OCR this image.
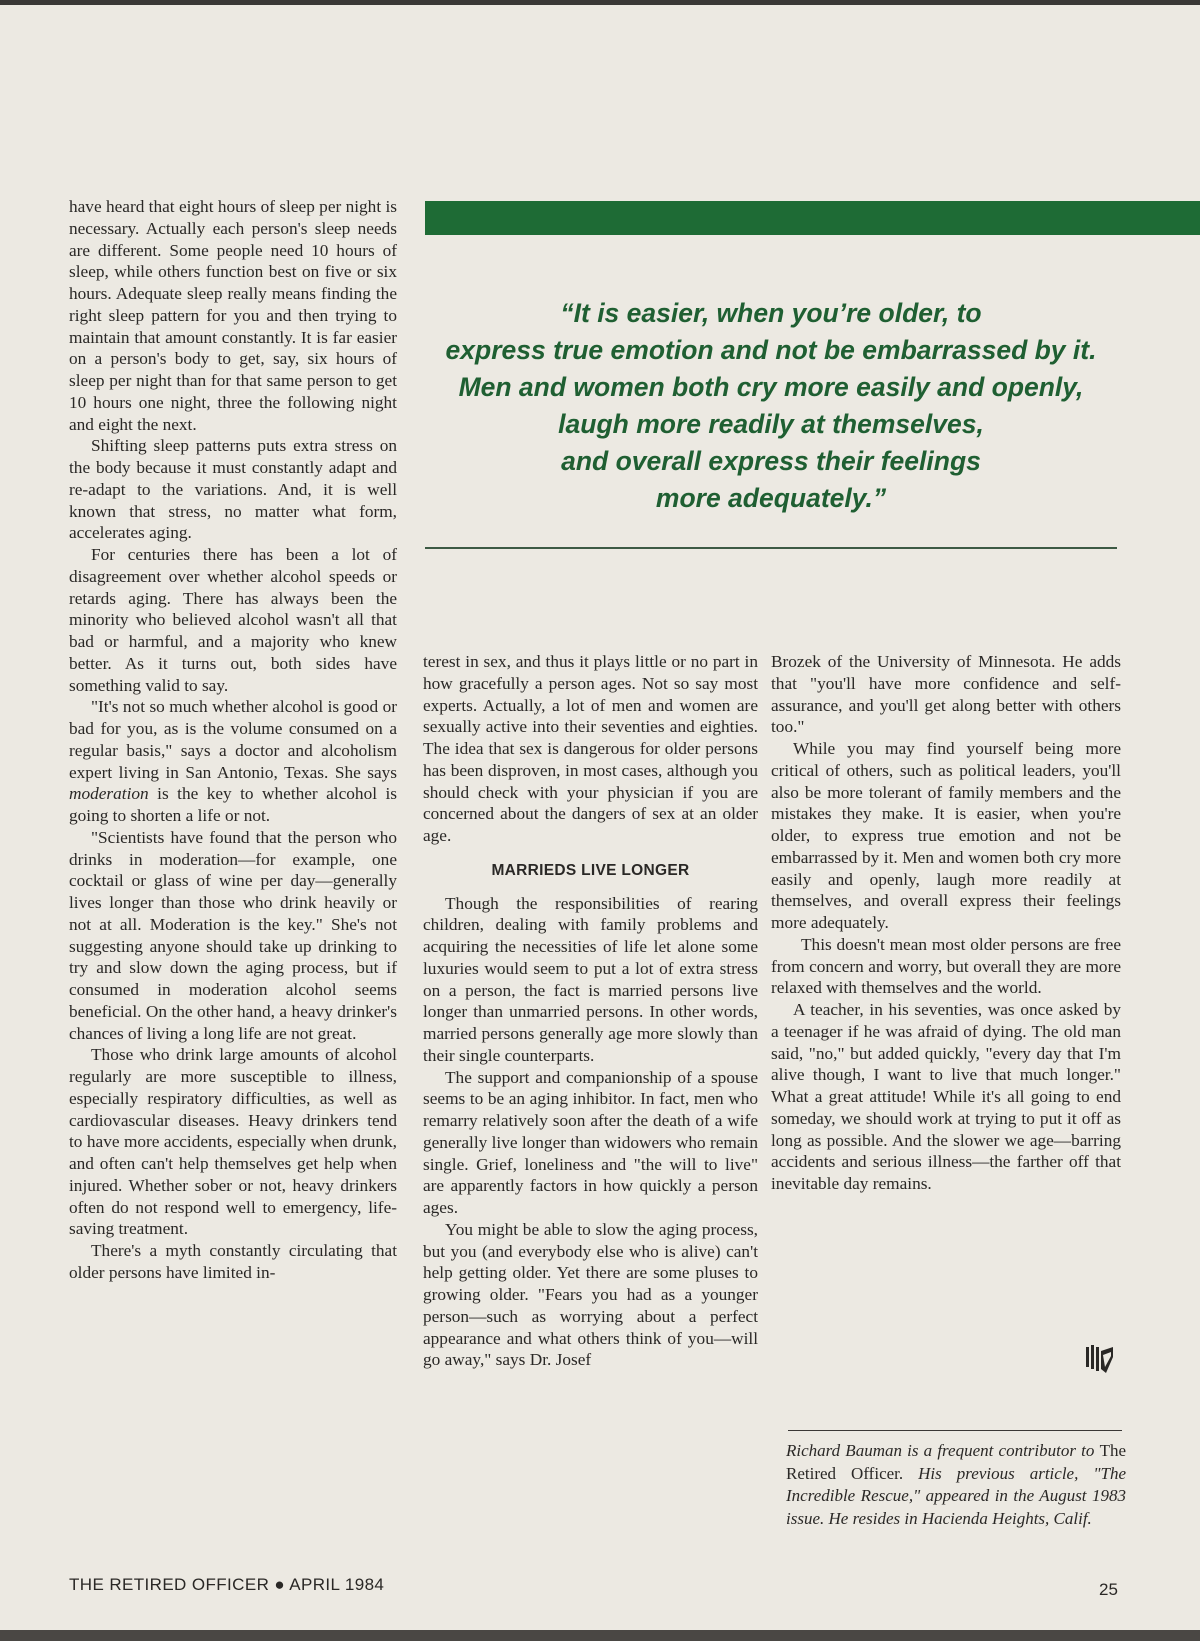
have heard that eight hours of sleep per night is necessary. Actually each person's sleep needs are different. Some people need 10 hours of sleep, while others function best on five or six hours. Adequate sleep really means finding the right sleep pattern for you and then trying to maintain that amount constantly. It is far easier on a person's body to get, say, six hours of sleep per night than for that same person to get 10 hours one night, three the following night and eight the next.

Shifting sleep patterns puts extra stress on the body because it must constantly adapt and re-adapt to the variations. And, it is well known that stress, no matter what form, accelerates aging.

For centuries there has been a lot of disagreement over whether alcohol speeds or retards aging. There has always been the minority who believed alcohol wasn't all that bad or harmful, and a majority who knew better. As it turns out, both sides have something valid to say.

"It's not so much whether alcohol is good or bad for you, as is the volume consumed on a regular basis," says a doctor and alcoholism expert living in San Antonio, Texas. She says moderation is the key to whether alcohol is going to shorten a life or not.

"Scientists have found that the person who drinks in moderation—for example, one cocktail or glass of wine per day—generally lives longer than those who drink heavily or not at all. Moderation is the key." She's not suggesting anyone should take up drinking to try and slow down the aging process, but if consumed in moderation alcohol seems beneficial. On the other hand, a heavy drinker's chances of living a long life are not great.

Those who drink large amounts of alcohol regularly are more susceptible to illness, especially respiratory difficulties, as well as cardiovascular diseases. Heavy drinkers tend to have more accidents, especially when drunk, and often can't help themselves get help when injured. Whether sober or not, heavy drinkers often do not respond well to emergency, life-saving treatment.

There's a myth constantly circulating that older persons have limited in-

“It is easier, when you’re older, to
express true emotion and not be embarrassed by it.
Men and women both cry more easily and openly,
laugh more readily at themselves,
and overall express their feelings
more adequately.”

terest in sex, and thus it plays little or no part in how gracefully a person ages. Not so say most experts. Actually, a lot of men and women are sexually active into their seventies and eighties. The idea that sex is dangerous for older persons has been disproven, in most cases, although you should check with your physician if you are concerned about the dangers of sex at an older age.

MARRIEDS LIVE LONGER

Though the responsibilities of rearing children, dealing with family problems and acquiring the necessities of life let alone some luxuries would seem to put a lot of extra stress on a person, the fact is married persons live longer than unmarried persons. In other words, married persons generally age more slowly than their single counterparts.

The support and companionship of a spouse seems to be an aging inhibitor. In fact, men who remarry relatively soon after the death of a wife generally live longer than widowers who remain single. Grief, loneliness and "the will to live" are apparently factors in how quickly a person ages.

You might be able to slow the aging process, but you (and everybody else who is alive) can't help getting older. Yet there are some pluses to growing older. "Fears you had as a younger person—such as worrying about a perfect appearance and what others think of you—will go away," says Dr. Josef

Brozek of the University of Minnesota. He adds that "you'll have more confidence and self-assurance, and you'll get along better with others too."

While you may find yourself being more critical of others, such as political leaders, you'll also be more tolerant of family members and the mistakes they make. It is easier, when you're older, to express true emotion and not be embarrassed by it. Men and women both cry more easily and openly, laugh more readily at themselves, and overall express their feelings more adequately.

This doesn't mean most older persons are free from concern and worry, but overall they are more relaxed with themselves and the world.

A teacher, in his seventies, was once asked by a teenager if he was afraid of dying. The old man said, "no," but added quickly, "every day that I'm alive though, I want to live that much longer." What a great attitude! While it's all going to end someday, we should work at trying to put it off as long as possible. And the slower we age—barring accidents and serious illness—the farther off that inevitable day remains.

Richard Bauman is a frequent contributor to The Retired Officer. His previous article, "The Incredible Rescue," appeared in the August 1983 issue. He resides in Hacienda Heights, Calif.
THE RETIRED OFFICER ● APRIL 1984	25
